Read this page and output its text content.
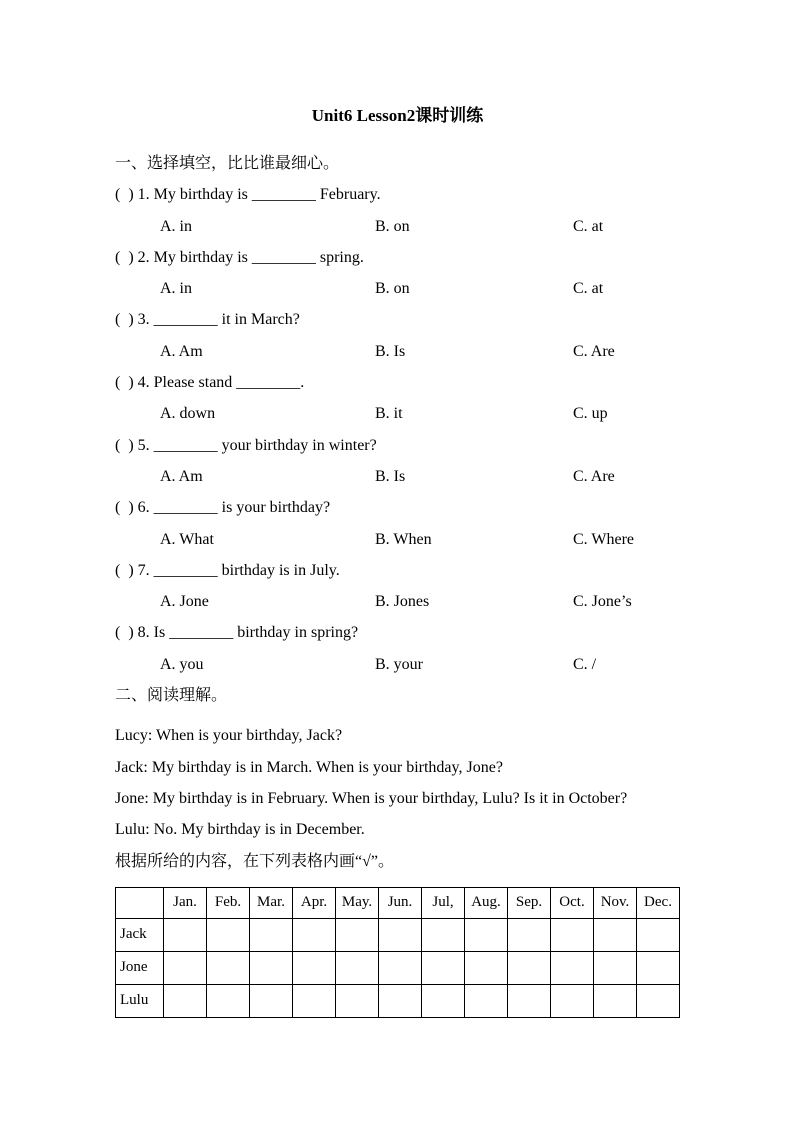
Unit6 Lesson2课时训练
一、选择填空，比比谁最细心。
(  ) 1. My birthday is ________ February.
A. in	B. on	C. at
(  ) 2. My birthday is ________ spring.
A. in	B. on	C. at
(  ) 3. ________ it in March?
A. Am	B. Is	C. Are
(  ) 4. Please stand ________.
A. down	B. it	C. up
(  ) 5. ________ your birthday in winter?
A. Am	B. Is	C. Are
(  ) 6. ________ is your birthday?
A. What	B. When	C. Where
(  ) 7. ________ birthday is in July.
A. Jone	B. Jones	C. Jone’s
(  ) 8. Is ________ birthday in spring?
A. you	B. your	C. /
二、阅读理解。
Lucy: When is your birthday, Jack?
Jack: My birthday is in March. When is your birthday, Jone?
Jone: My birthday is in February. When is your birthday, Lulu? Is it in October?
Lulu: No. My birthday is in December.
根据所给的内容，在下列表格内画“√”。
	Jan.	Feb.	Mar.	Apr.	May.	Jun.	Jul,	Aug.	Sep.	Oct.	Nov.	Dec.
Jack												
Jone												
Lulu												
